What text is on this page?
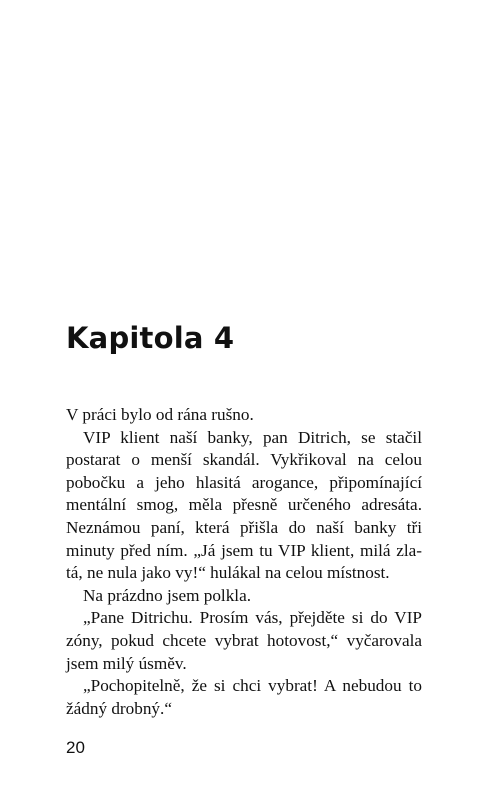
Kapitola 4
V práci bylo od rána rušno.
VIP klient naší banky, pan Ditrich, se stačil
postarat o menší skandál. Vykřikoval na celou
pobočku a jeho hlasitá arogance, připomínající
mentální smog, měla přesně určeného adresáta.
Neznámou paní, která přišla do naší banky tři
minuty před ním. „Já jsem tu VIP klient, milá zla-
tá, ne nula jako vy!“ hulákal na celou místnost.
Na prázdno jsem polkla.
„Pane Ditrichu. Prosím vás, přejděte si do VIP
zóny, pokud chcete vybrat hotovost,“ vyčarovala
jsem milý úsměv.
„Pochopitelně, že si chci vybrat! A nebudou to
žádný drobný.“
20
